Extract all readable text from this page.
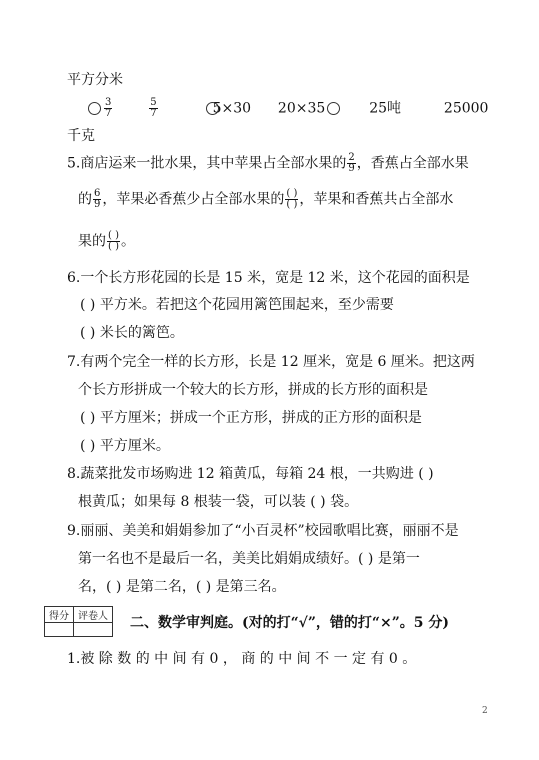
平方分米
$\frac{3}{7}$
	$\frac{5}{7}$	5×30 20×35	25吨	25000
千克
5.商店运来一批水果，其中苹果占全部水果的 $\frac{2}{9}$ ，香蕉占全部水果
的 $\frac{6}{9}$ ，苹果必香蕉少占全部水果的 $\frac{( )}{( )}$ ，苹果和香蕉共占全部水
果的 $\frac{( )}{( )}$ 。
6.一个长方形花园的长是 15 米，宽是 12 米，这个花园的面积是
( ) 平方米。若把这个花园用篱笆围起来，至少需要
( ) 米长的篱笆。
7.有两个完全一样的长方形，长是 12 厘米，宽是 6 厘米。把这两
个长方形拼成一个较大的长方形，拼成的长方形的面积是
( ) 平方厘米；拼成一个正方形，拼成的正方形的面积是
( ) 平方厘米。
8.蔬菜批发市场购进 12 箱黄瓜，每箱 24 根，一共购进 ( )
根黄瓜；如果每 8 根装一袋，可以装 ( ) 袋。
9.丽丽、美美和娟娟参加了“小百灵杯”校园歌唱比赛，丽丽不是
第一名也不是最后一名，美美比娟娟成绩好。( ) 是第一
名，( ) 是第二名，( ) 是第三名。
得分	评卷人
	二、数学审判庭。(对的打“√”，错的打“×”。5 分)
1.被 除 数 的 中 间 有 0 ， 商 的 中 间 不 一 定 有 0 。
2
